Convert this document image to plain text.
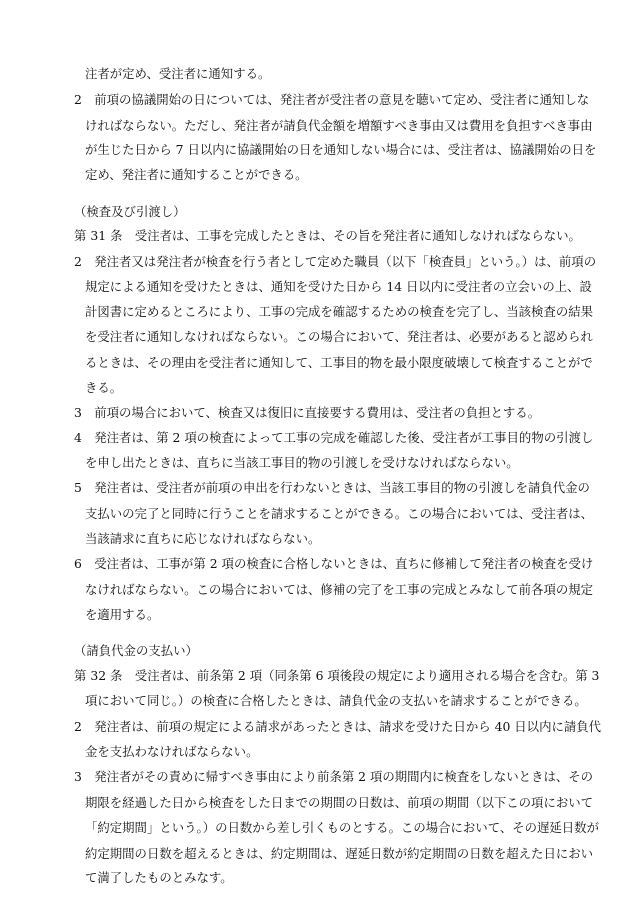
注者が定め、受注者に通知する。
2　前項の協議開始の日については、発注者が受注者の意見を聴いて定め、受注者に通知しな
ければならない。ただし、発注者が請負代金額を増額すべき事由又は費用を負担すべき事由
が生じた日から 7 日以内に協議開始の日を通知しない場合には、受注者は、協議開始の日を
定め、発注者に通知することができる。
（検査及び引渡し）
第 31 条　受注者は、工事を完成したときは、その旨を発注者に通知しなければならない。
2　発注者又は発注者が検査を行う者として定めた職員（以下「検査員」という。）は、前項の
規定による通知を受けたときは、通知を受けた日から 14 日以内に受注者の立会いの上、設
計図書に定めるところにより、工事の完成を確認するための検査を完了し、当該検査の結果
を受注者に通知しなければならない。この場合において、発注者は、必要があると認められ
るときは、その理由を受注者に通知して、工事目的物を最小限度破壊して検査することがで
きる。
3　前項の場合において、検査又は復旧に直接要する費用は、受注者の負担とする。
4　発注者は、第 2 項の検査によって工事の完成を確認した後、受注者が工事目的物の引渡し
を申し出たときは、直ちに当該工事目的物の引渡しを受けなければならない。
5　発注者は、受注者が前項の申出を行わないときは、当該工事目的物の引渡しを請負代金の
支払いの完了と同時に行うことを請求することができる。この場合においては、受注者は、
当該請求に直ちに応じなければならない。
6　受注者は、工事が第 2 項の検査に合格しないときは、直ちに修補して発注者の検査を受け
なければならない。この場合においては、修補の完了を工事の完成とみなして前各項の規定
を適用する。
（請負代金の支払い）
第 32 条　受注者は、前条第 2 項（同条第 6 項後段の規定により適用される場合を含む。第 3
項において同じ。）の検査に合格したときは、請負代金の支払いを請求することができる。
2　発注者は、前項の規定による請求があったときは、請求を受けた日から 40 日以内に請負代
金を支払わなければならない。
3　発注者がその責めに帰すべき事由により前条第 2 項の期間内に検査をしないときは、その
期限を経過した日から検査をした日までの期間の日数は、前項の期間（以下この項において
「約定期間」という。）の日数から差し引くものとする。この場合において、その遅延日数が
約定期間の日数を超えるときは、約定期間は、遅延日数が約定期間の日数を超えた日におい
て満了したものとみなす。
